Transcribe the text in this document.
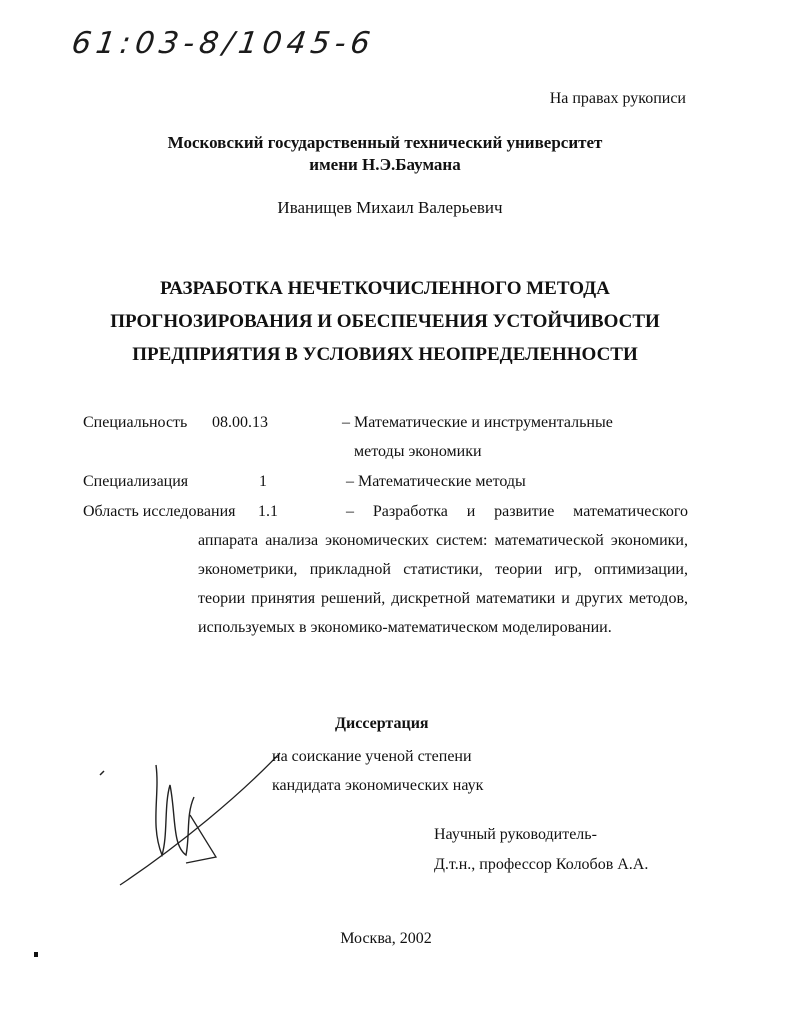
61:03-8/1045-6
На правах рукописи
Московский государственный технический университет
имени Н.Э.Баумана
Иванищев Михаил Валерьевич
РАЗРАБОТКА НЕЧЕТКОЧИСЛЕННОГО МЕТОДА
ПРОГНОЗИРОВАНИЯ И ОБЕСПЕЧЕНИЯ УСТОЙЧИВОСТИ
ПРЕДПРИЯТИЯ В УСЛОВИЯХ НЕОПРЕДЕЛЕННОСТИ
Специальность 08.00.13	– Математические и инструментальные
методы экономики
Специализация	1	– Математические методы
Область исследования 1.1	– Разработка и развитие математического
аппарата анализа экономических систем: математической экономики, эконометрики, прикладной статистики, теории игр, оптимизации, теории принятия решений, дискретной математики и других методов, используемых в экономико-математическом моделировании.
Диссертация
на соискание ученой степени
кандидата экономических наук
Научный руководитель-
Д.т.н., профессор Колобов А.А.
Москва, 2002
